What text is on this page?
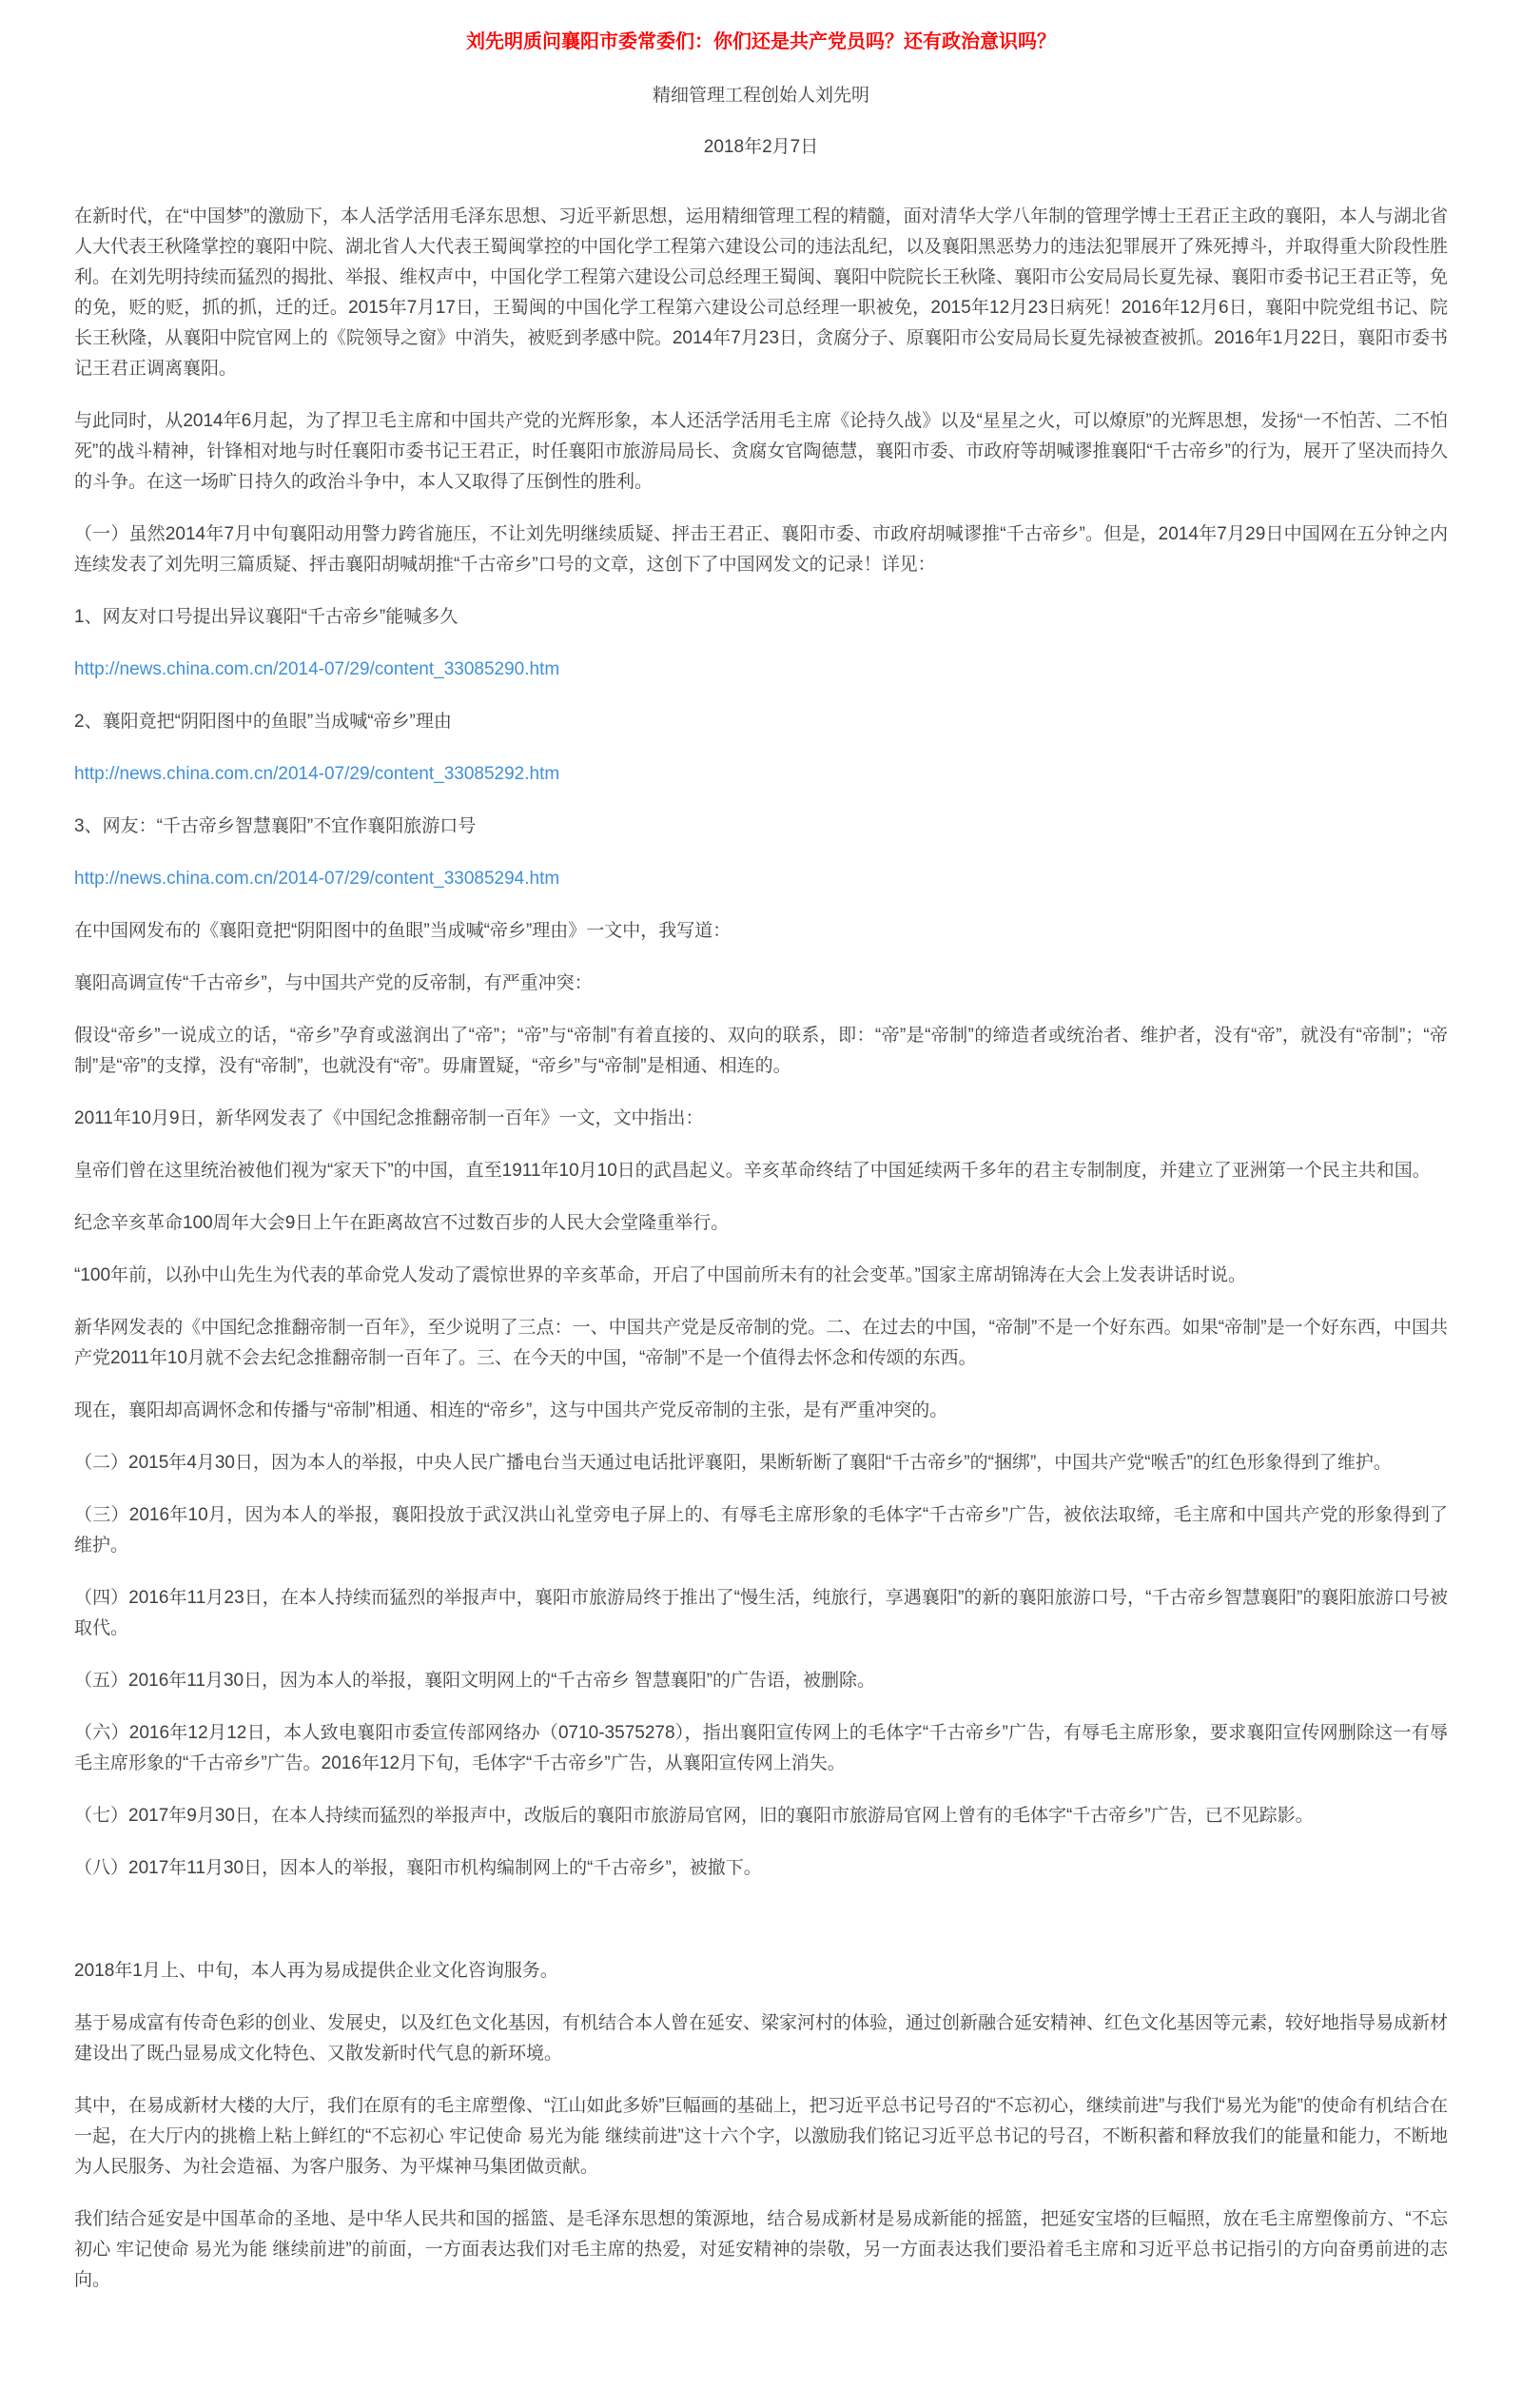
刘先明质问襄阳市委常委们：你们还是共产党员吗？还有政治意识吗？
精细管理工程创始人刘先明
2018年2月7日

在新时代，在“中国梦”的激励下，本人活学活用毛泽东思想、习近平新思想，运用精细管理工程的精髓，面对清华大学八年制的管理学博士王君正主政的襄阳，本人与湖北省人大代表王秋隆掌控的襄阳中院、湖北省人大代表王蜀闽掌控的中国化学工程第六建设公司的违法乱纪，以及襄阳黑恶势力的违法犯罪展开了殊死搏斗，并取得重大阶段性胜利。在刘先明持续而猛烈的揭批、举报、维权声中，中国化学工程第六建设公司总经理王蜀闽、襄阳中院院长王秋隆、襄阳市公安局局长夏先禄、襄阳市委书记王君正等，免的免，贬的贬，抓的抓，迁的迁。2015年7月17日，王蜀闽的中国化学工程第六建设公司总经理一职被免，2015年12月23日病死！2016年12月6日，襄阳中院党组书记、院长王秋隆，从襄阳中院官网上的《院领导之窗》中消失，被贬到孝感中院。2014年7月23日，贪腐分子、原襄阳市公安局局长夏先禄被查被抓。2016年1月22日，襄阳市委书记王君正调离襄阳。

与此同时，从2014年6月起，为了捍卫毛主席和中国共产党的光辉形象，本人还活学活用毛主席《论持久战》以及“星星之火，可以燎原”的光辉思想，发扬“一不怕苦、二不怕死”的战斗精神，针锋相对地与时任襄阳市委书记王君正，时任襄阳市旅游局局长、贪腐女官陶德慧，襄阳市委、市政府等胡喊谬推襄阳“千古帝乡”的行为，展开了坚决而持久的斗争。在这一场旷日持久的政治斗争中，本人又取得了压倒性的胜利。

（一）虽然2014年7月中旬襄阳动用警力跨省施压，不让刘先明继续质疑、抨击王君正、襄阳市委、市政府胡喊谬推“千古帝乡”。但是，2014年7月29日中国网在五分钟之内连续发表了刘先明三篇质疑、抨击襄阳胡喊胡推“千古帝乡”口号的文章，这创下了中国网发文的记录！详见：

1、网友对口号提出异议襄阳“千古帝乡”能喊多久

http://news.china.com.cn/2014-07/29/content_33085290.htm

2、襄阳竟把“阴阳图中的鱼眼”当成喊“帝乡”理由

http://news.china.com.cn/2014-07/29/content_33085292.htm

3、网友：“千古帝乡智慧襄阳”不宜作襄阳旅游口号

http://news.china.com.cn/2014-07/29/content_33085294.htm

在中国网发布的《襄阳竟把“阴阳图中的鱼眼”当成喊“帝乡”理由》一文中，我写道：

襄阳高调宣传“千古帝乡”，与中国共产党的反帝制，有严重冲突：

假设“帝乡”一说成立的话，“帝乡”孕育或滋润出了“帝”；“帝”与“帝制”有着直接的、双向的联系，即：“帝”是“帝制”的缔造者或统治者、维护者，没有“帝”，就没有“帝制”；“帝制”是“帝”的支撑，没有“帝制”，也就没有“帝”。毋庸置疑，“帝乡”与“帝制”是相通、相连的。

2011年10月9日，新华网发表了《中国纪念推翻帝制一百年》一文，文中指出：

皇帝们曾在这里统治被他们视为“家天下”的中国，直至1911年10月10日的武昌起义。辛亥革命终结了中国延续两千多年的君主专制制度，并建立了亚洲第一个民主共和国。

纪念辛亥革命100周年大会9日上午在距离故宫不过数百步的人民大会堂隆重举行。

“100年前，以孙中山先生为代表的革命党人发动了震惊世界的辛亥革命，开启了中国前所未有的社会变革。”国家主席胡锦涛在大会上发表讲话时说。

新华网发表的《中国纪念推翻帝制一百年》，至少说明了三点：一、中国共产党是反帝制的党。二、在过去的中国，“帝制”不是一个好东西。如果“帝制”是一个好东西，中国共产党2011年10月就不会去纪念推翻帝制一百年了。三、在今天的中国，“帝制”不是一个值得去怀念和传颂的东西。

现在，襄阳却高调怀念和传播与“帝制”相通、相连的“帝乡”，这与中国共产党反帝制的主张，是有严重冲突的。

（二）2015年4月30日，因为本人的举报，中央人民广播电台当天通过电话批评襄阳，果断斩断了襄阳“千古帝乡”的“捆绑”，中国共产党“喉舌”的红色形象得到了维护。

（三）2016年10月，因为本人的举报，襄阳投放于武汉洪山礼堂旁电子屏上的、有辱毛主席形象的毛体字“千古帝乡”广告，被依法取缔，毛主席和中国共产党的形象得到了维护。

（四）2016年11月23日，在本人持续而猛烈的举报声中，襄阳市旅游局终于推出了“慢生活，纯旅行，享遇襄阳”的新的襄阳旅游口号，“千古帝乡智慧襄阳”的襄阳旅游口号被取代。

（五）2016年11月30日，因为本人的举报，襄阳文明网上的“千古帝乡 智慧襄阳”的广告语，被删除。

（六）2016年12月12日，本人致电襄阳市委宣传部网络办（0710-3575278），指出襄阳宣传网上的毛体字“千古帝乡”广告，有辱毛主席形象，要求襄阳宣传网删除这一有辱毛主席形象的“千古帝乡”广告。2016年12月下旬，毛体字“千古帝乡”广告，从襄阳宣传网上消失。

（七）2017年9月30日，在本人持续而猛烈的举报声中，改版后的襄阳市旅游局官网，旧的襄阳市旅游局官网上曾有的毛体字“千古帝乡”广告，已不见踪影。

（八）2017年11月30日，因本人的举报，襄阳市机构编制网上的“千古帝乡”，被撤下。

2018年1月上、中旬，本人再为易成提供企业文化咨询服务。

基于易成富有传奇色彩的创业、发展史，以及红色文化基因，有机结合本人曾在延安、梁家河村的体验，通过创新融合延安精神、红色文化基因等元素，较好地指导易成新材建设出了既凸显易成文化特色、又散发新时代气息的新环境。

其中，在易成新材大楼的大厅，我们在原有的毛主席塑像、“江山如此多娇”巨幅画的基础上，把习近平总书记号召的“不忘初心，继续前进”与我们“易光为能”的使命有机结合在一起，在大厅内的挑檐上粘上鲜红的“不忘初心 牢记使命 易光为能 继续前进”这十六个字，以激励我们铭记习近平总书记的号召，不断积蓄和释放我们的能量和能力，不断地为人民服务、为社会造福、为客户服务、为平煤神马集团做贡献。

我们结合延安是中国革命的圣地、是中华人民共和国的摇篮、是毛泽东思想的策源地，结合易成新材是易成新能的摇篮，把延安宝塔的巨幅照，放在毛主席塑像前方、“不忘初心 牢记使命 易光为能 继续前进”的前面，一方面表达我们对毛主席的热爱，对延安精神的崇敬，另一方面表达我们要沿着毛主席和习近平总书记指引的方向奋勇前进的志向。
